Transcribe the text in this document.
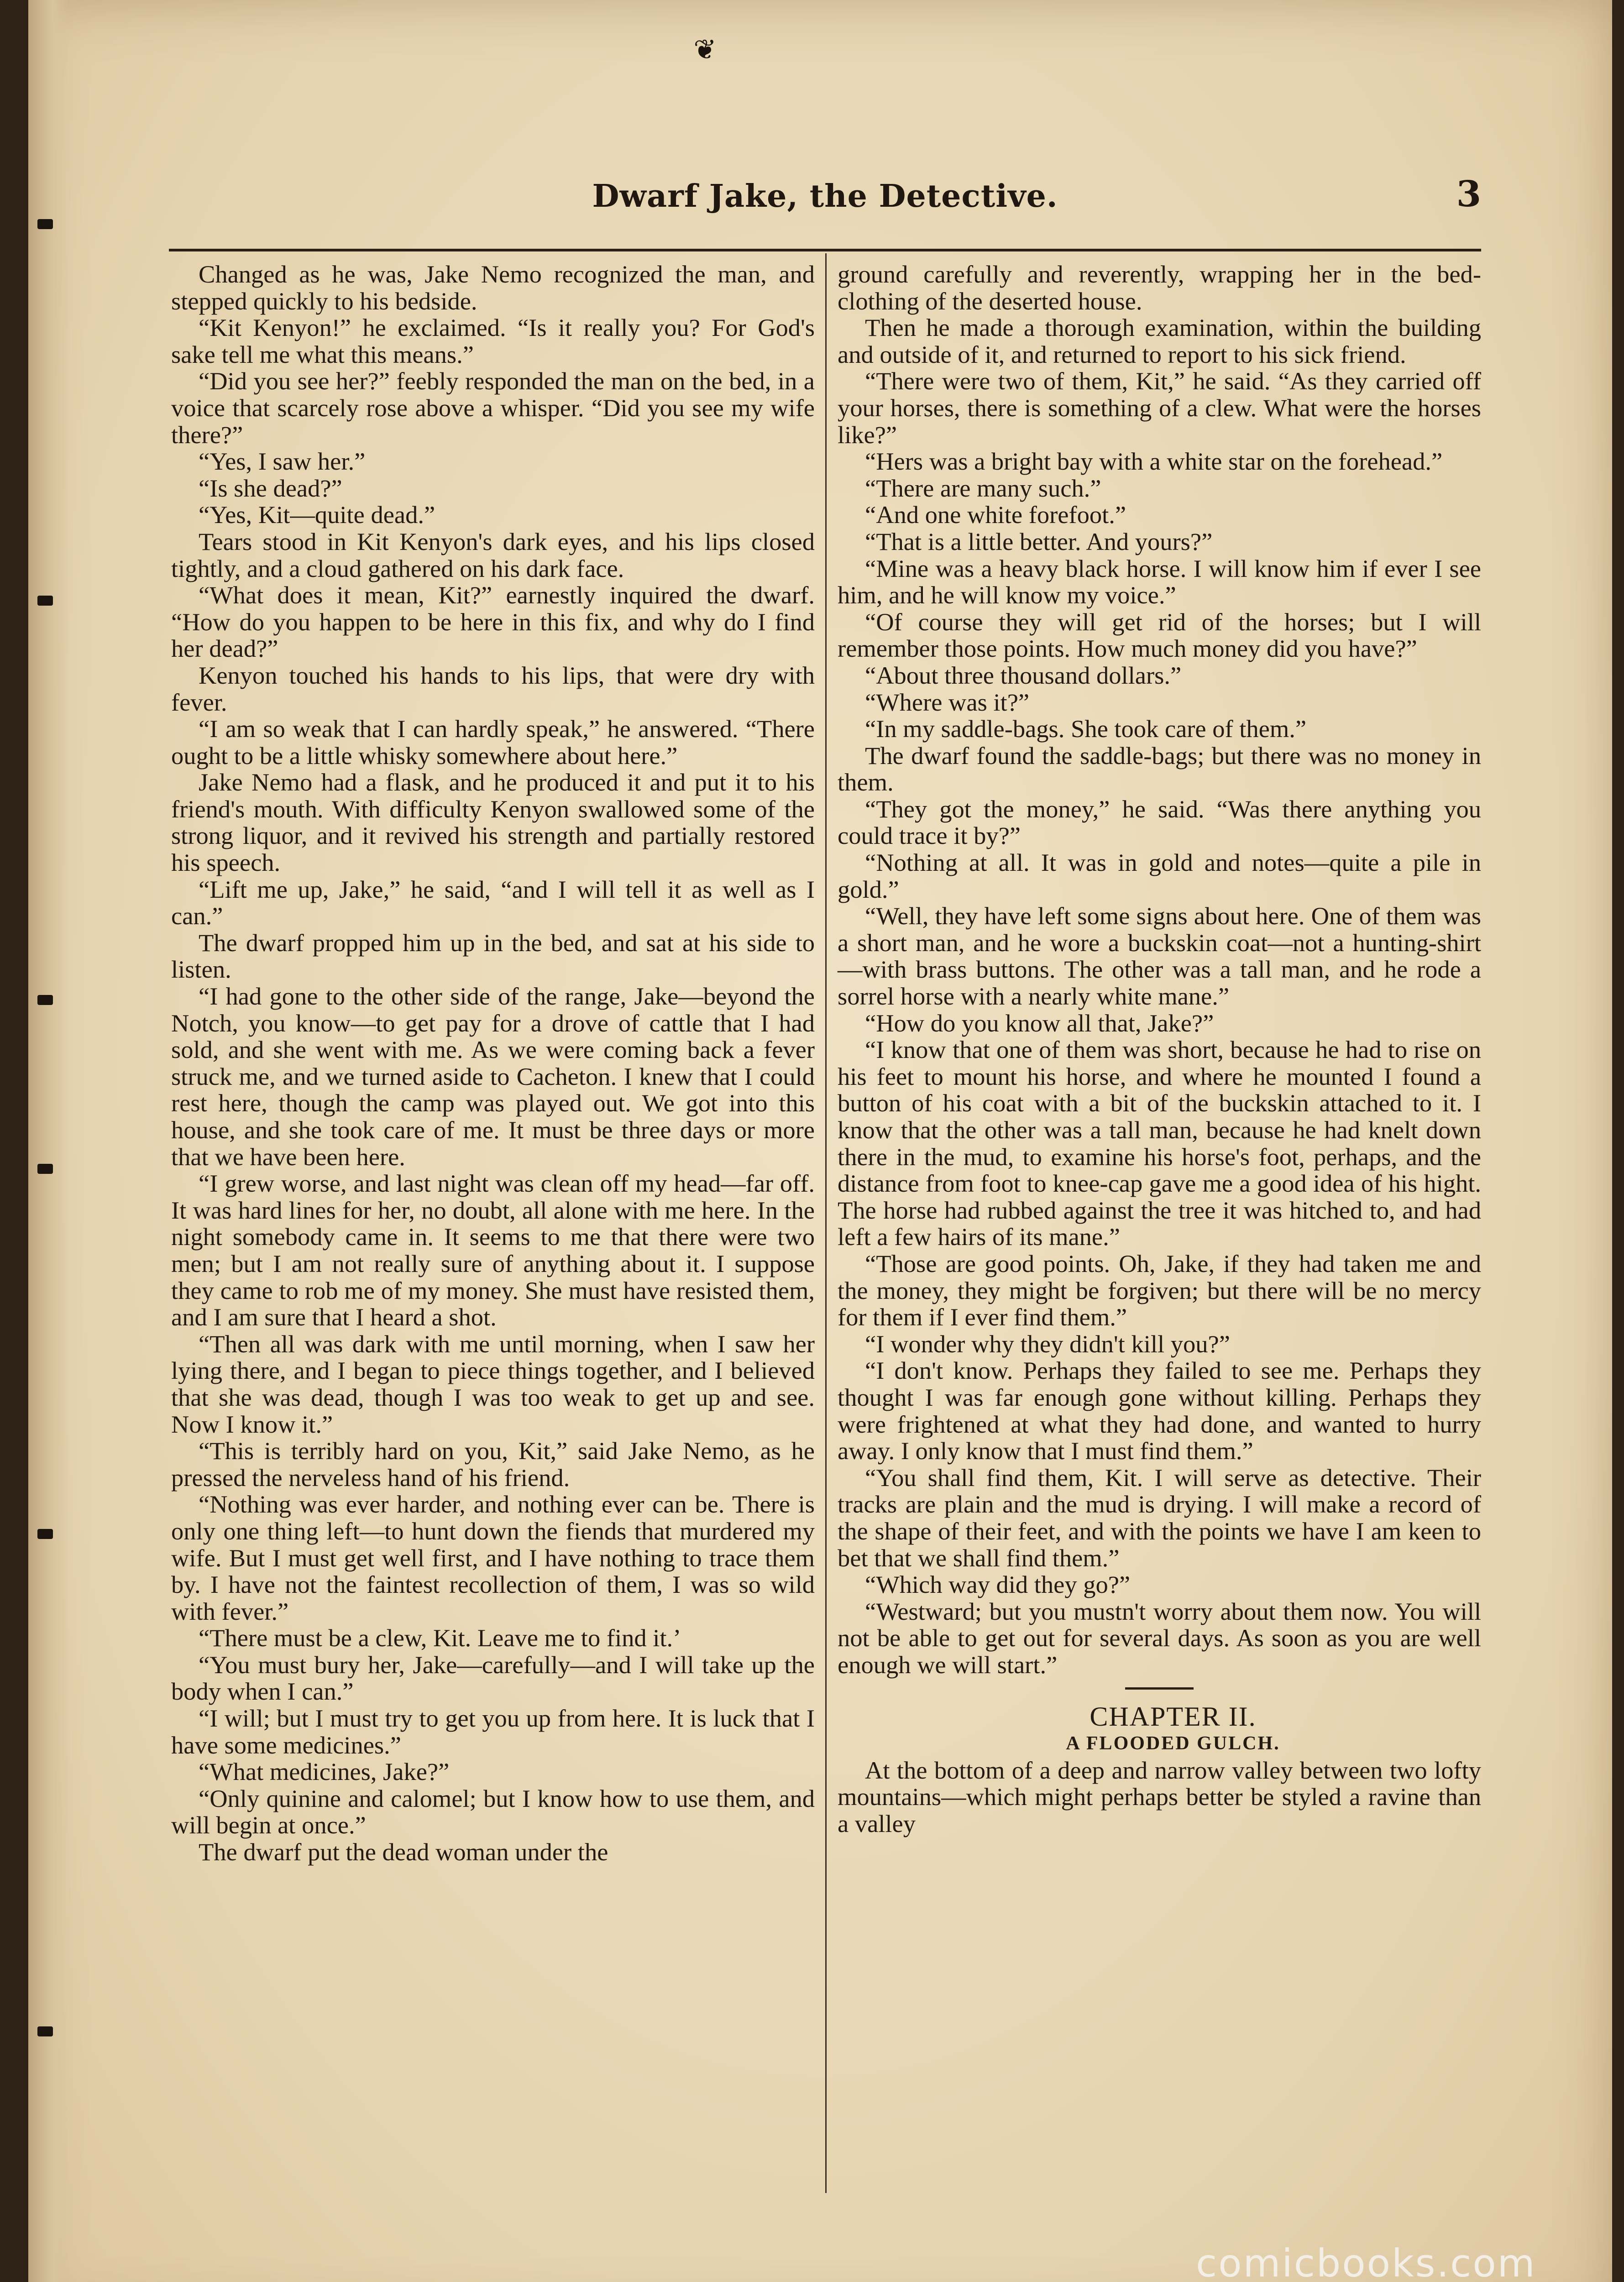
❦
Dwarf Jake, the Detective.	3

Changed as he was, Jake Nemo recognized the man, and stepped quickly to his bedside.

“Kit Kenyon!” he exclaimed. “Is it really you? For God's sake tell me what this means.”

“Did you see her?” feebly responded the man on the bed, in a voice that scarcely rose above a whisper. “Did you see my wife there?”

“Yes, I saw her.”

“Is she dead?”

“Yes, Kit—quite dead.”

Tears stood in Kit Kenyon's dark eyes, and his lips closed tightly, and a cloud gathered on his dark face.

“What does it mean, Kit?” earnestly inquired the dwarf. “How do you happen to be here in this fix, and why do I find her dead?”

Kenyon touched his hands to his lips, that were dry with fever.

“I am so weak that I can hardly speak,” he answered. “There ought to be a little whisky somewhere about here.”

Jake Nemo had a flask, and he produced it and put it to his friend's mouth. With difficulty Kenyon swallowed some of the strong liquor, and it revived his strength and partially restored his speech.

“Lift me up, Jake,” he said, “and I will tell it as well as I can.”

The dwarf propped him up in the bed, and sat at his side to listen.

“I had gone to the other side of the range, Jake—beyond the Notch, you know—to get pay for a drove of cattle that I had sold, and she went with me. As we were coming back a fever struck me, and we turned aside to Cacheton. I knew that I could rest here, though the camp was played out. We got into this house, and she took care of me. It must be three days or more that we have been here.

“I grew worse, and last night was clean off my head—far off. It was hard lines for her, no doubt, all alone with me here. In the night somebody came in. It seems to me that there were two men; but I am not really sure of anything about it. I suppose they came to rob me of my money. She must have resisted them, and I am sure that I heard a shot.

“Then all was dark with me until morning, when I saw her lying there, and I began to piece things together, and I believed that she was dead, though I was too weak to get up and see. Now I know it.”

“This is terribly hard on you, Kit,” said Jake Nemo, as he pressed the nerveless hand of his friend.

“Nothing was ever harder, and nothing ever can be. There is only one thing left—to hunt down the fiends that murdered my wife. But I must get well first, and I have nothing to trace them by. I have not the faintest recollection of them, I was so wild with fever.”

“There must be a clew, Kit. Leave me to find it.’

“You must bury her, Jake—carefully—and I will take up the body when I can.”

“I will; but I must try to get you up from here. It is luck that I have some medicines.”

“What medicines, Jake?”

“Only quinine and calomel; but I know how to use them, and will begin at once.”

The dwarf put the dead woman under the

ground carefully and reverently, wrapping her in the bed-clothing of the deserted house.

Then he made a thorough examination, within the building and outside of it, and returned to report to his sick friend.

“There were two of them, Kit,” he said. “As they carried off your horses, there is something of a clew. What were the horses like?”

“Hers was a bright bay with a white star on the forehead.”

“There are many such.”

“And one white forefoot.”

“That is a little better. And yours?”

“Mine was a heavy black horse. I will know him if ever I see him, and he will know my voice.”

“Of course they will get rid of the horses; but I will remember those points. How much money did you have?”

“About three thousand dollars.”

“Where was it?”

“In my saddle-bags. She took care of them.”

The dwarf found the saddle-bags; but there was no money in them.

“They got the money,” he said. “Was there anything you could trace it by?”

“Nothing at all. It was in gold and notes—quite a pile in gold.”

“Well, they have left some signs about here. One of them was a short man, and he wore a buckskin coat—not a hunting-shirt—with brass buttons. The other was a tall man, and he rode a sorrel horse with a nearly white mane.”

“How do you know all that, Jake?”

“I know that one of them was short, because he had to rise on his feet to mount his horse, and where he mounted I found a button of his coat with a bit of the buckskin attached to it. I know that the other was a tall man, because he had knelt down there in the mud, to examine his horse's foot, perhaps, and the distance from foot to knee-cap gave me a good idea of his hight. The horse had rubbed against the tree it was hitched to, and had left a few hairs of its mane.”

“Those are good points. Oh, Jake, if they had taken me and the money, they might be forgiven; but there will be no mercy for them if I ever find them.”

“I wonder why they didn't kill you?”

“I don't know. Perhaps they failed to see me. Perhaps they thought I was far enough gone without killing. Perhaps they were frightened at what they had done, and wanted to hurry away. I only know that I must find them.”

“You shall find them, Kit. I will serve as detective. Their tracks are plain and the mud is drying. I will make a record of the shape of their feet, and with the points we have I am keen to bet that we shall find them.”

“Which way did they go?”

“Westward; but you mustn't worry about them now. You will not be able to get out for several days. As soon as you are well enough we will start.”

CHAPTER II.

A FLOODED GULCH.

At the bottom of a deep and narrow valley between two lofty mountains—which might perhaps better be styled a ravine than a valley

comicbooks.com
